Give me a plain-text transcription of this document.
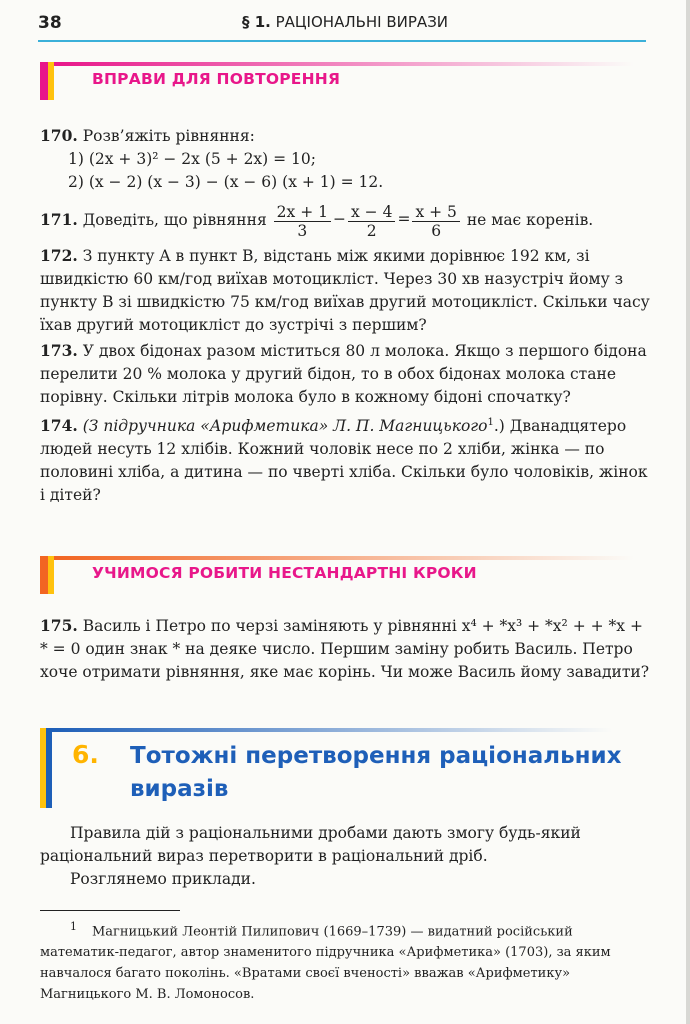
38	§ 1. РАЦІОНАЛЬНІ ВИРАЗИ
ВПРАВИ ДЛЯ ПОВТОРЕННЯ
170. Розв’яжіть рівняння:
1) (2x + 3)² − 2x (5 + 2x) = 10;
2) (x − 2) (x − 3) − (x − 6) (x + 1) = 12.
171. Доведіть, що рівняння $\frac{2x + 1}{3} - \frac{x - 4}{2} = \frac{x + 5}{6}$ не має коренів.
172. З пункту A в пункт B, відстань між якими дорівнює 192 км, зі швидкістю 60 км/год виїхав мотоцикліст. Через 30 хв назустріч йому з пункту B зі швидкістю 75 км/год виїхав другий мотоцикліст. Скільки часу їхав другий мотоцикліст до зустрічі з першим?
173. У двох бідонах разом міститься 80 л молока. Якщо з першого бідона перелити 20 % молока у другий бідон, то в обох бідонах молока стане порівну. Скільки літрів молока було в кожному бідоні спочатку?
174. (З підручника «Арифметика» Л. П. Магницького$^1$.) Дванадцятеро людей несуть 12 хлібів. Кожний чоловік несе по 2 хліби, жінка — по половині хліба, а дитина — по чверті хліба. Скільки було чоловіків, жінок і дітей?
УЧИМОСЯ РОБИТИ НЕСТАНДАРТНІ КРОКИ
175. Василь і Петро по черзі заміняють у рівнянні x⁴ + *x³ + *x² + + *x + * = 0 один знак * на деяке число. Першим заміну робить Василь. Петро хоче отримати рівняння, яке має корінь. Чи може Василь йому завадити?
6. Тотожні перетворення раціональних виразів

Правила дій з раціональними дробами дають змогу будь-який раціональний вираз перетворити в раціональний дріб.

Розглянемо приклади.

$^1$ Магницький Леонтій Пилипович (1669–1739) — видатний російський математик-педагог, автор знаменитого підручника «Арифметика» (1703), за яким навчалося багато поколінь. «Вратами своєї вченості» вважав «Арифметику» Магницького М. В. Ломоносов.
